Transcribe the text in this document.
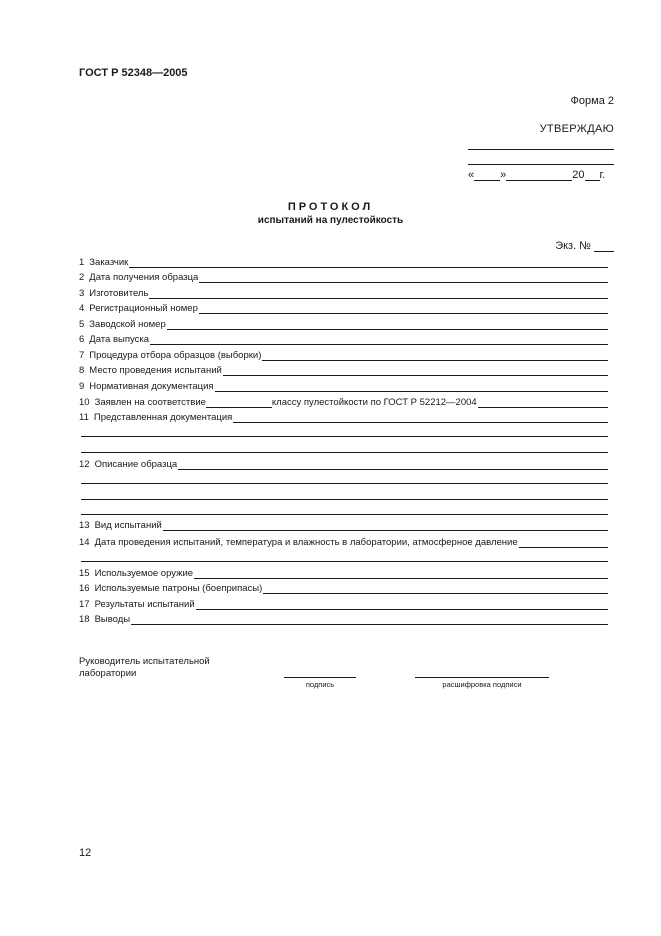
ГОСТ Р 52348—2005
Форма 2
УТВЕРЖДАЮ
« »	20 г.
ПРОТОКОЛ
испытаний на пулестойкость
Экз. №
1 Заказчик
2 Дата получения образца
3 Изготовитель
4 Регистрационный номер
5 Заводской номер
6 Дата выпуска
7 Процедура отбора образцов (выборки)
8 Место проведения испытаний
9 Нормативная документация
10 Заявлен на соответствие	классу пулестойкости по ГОСТ Р 52212—2004
11 Представленная документация
12 Описание образца
13 Вид испытаний
14 Дата проведения испытаний, температура и влажность в лаборатории, атмосферное давление
15 Используемое оружие
16 Используемые патроны (боеприпасы)
17 Результаты испытаний
18 Выводы
Руководитель испытательной лаборатории
подпись	расшифровка подписи
12
